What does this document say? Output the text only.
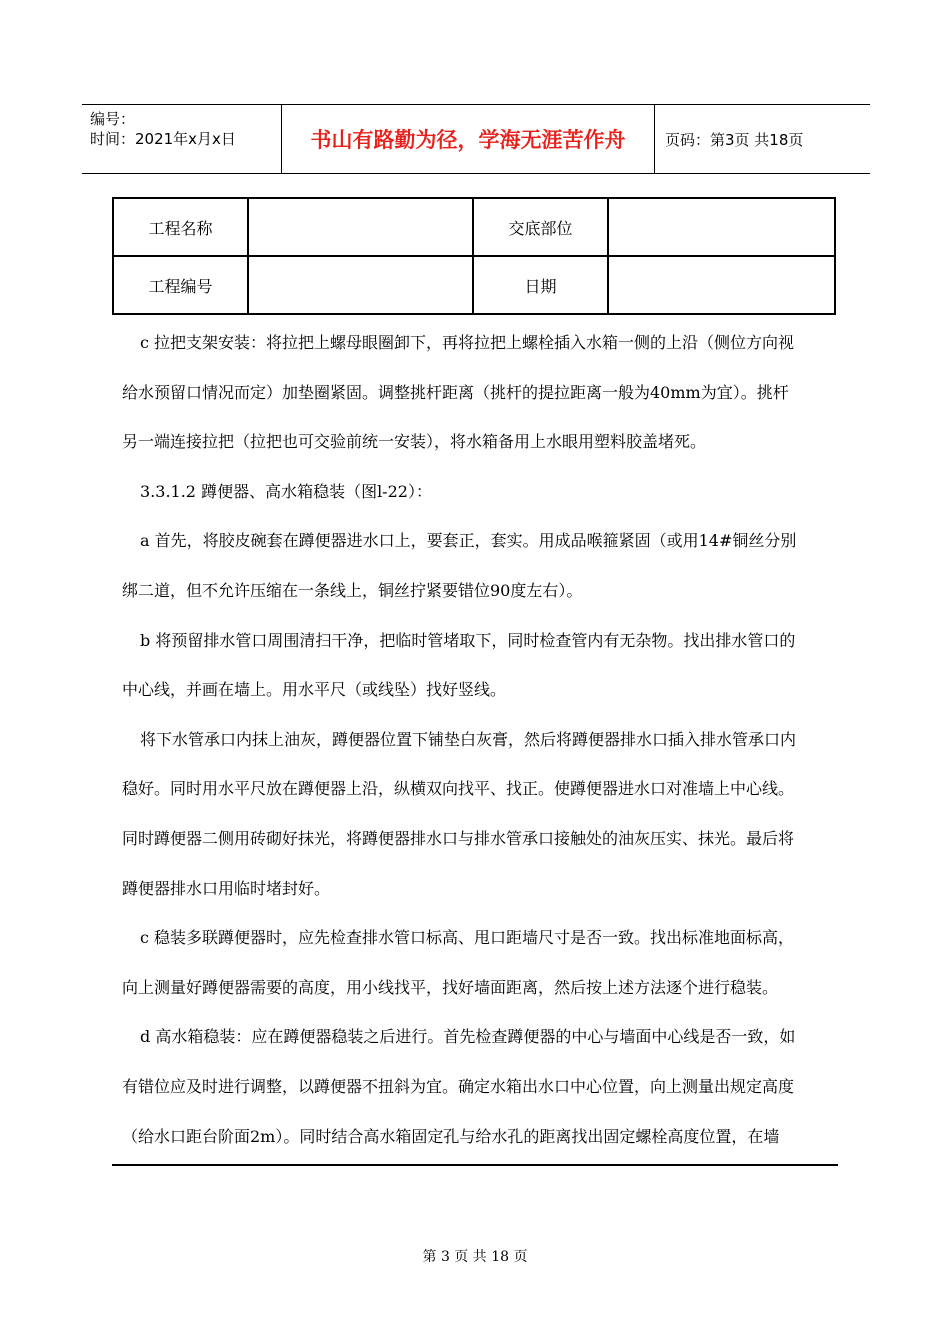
编号：
时间：2021年x月x日	书山有路勤为径，学海无涯苦作舟	页码：第3页 共18页
工程名称		交底部位	
工程编号		日期	

c 拉把支架安装：将拉把上螺母眼圈卸下，再将拉把上螺栓插入水箱一侧的上沿（侧位方向视

给水预留口情况而定）加垫圈紧固。调整挑杆距离（挑杆的提拉距离一般为40mm为宜）。挑杆

另一端连接拉把（拉把也可交验前统一安装），将水箱备用上水眼用塑料胶盖堵死。

3.3.1.2 蹲便器、高水箱稳装（图l-22）：

a 首先，将胶皮碗套在蹲便器进水口上，要套正，套实。用成品喉箍紧固（或用14#铜丝分别

绑二道，但不允许压缩在一条线上，铜丝拧紧要错位90度左右）。

b 将预留排水管口周围清扫干净，把临时管堵取下，同时检查管内有无杂物。找出排水管口的

中心线，并画在墙上。用水平尺（或线坠）找好竖线。

将下水管承口内抹上油灰，蹲便器位置下铺垫白灰膏，然后将蹲便器排水口插入排水管承口内

稳好。同时用水平尺放在蹲便器上沿，纵横双向找平、找正。使蹲便器进水口对准墙上中心线。

同时蹲便器二侧用砖砌好抹光，将蹲便器排水口与排水管承口接触处的油灰压实、抹光。最后将

蹲便器排水口用临时堵封好。

c 稳装多联蹲便器时，应先检查排水管口标高、甩口距墙尺寸是否一致。找出标准地面标高，

向上测量好蹲便器需要的高度，用小线找平，找好墙面距离，然后按上述方法逐个进行稳装。

d 高水箱稳装：应在蹲便器稳装之后进行。首先检查蹲便器的中心与墙面中心线是否一致，如

有错位应及时进行调整，以蹲便器不扭斜为宜。确定水箱出水口中心位置，向上测量出规定高度

（给水口距台阶面2m）。同时结合高水箱固定孔与给水孔的距离找出固定螺栓高度位置，在墙

第 3 页 共 18 页
